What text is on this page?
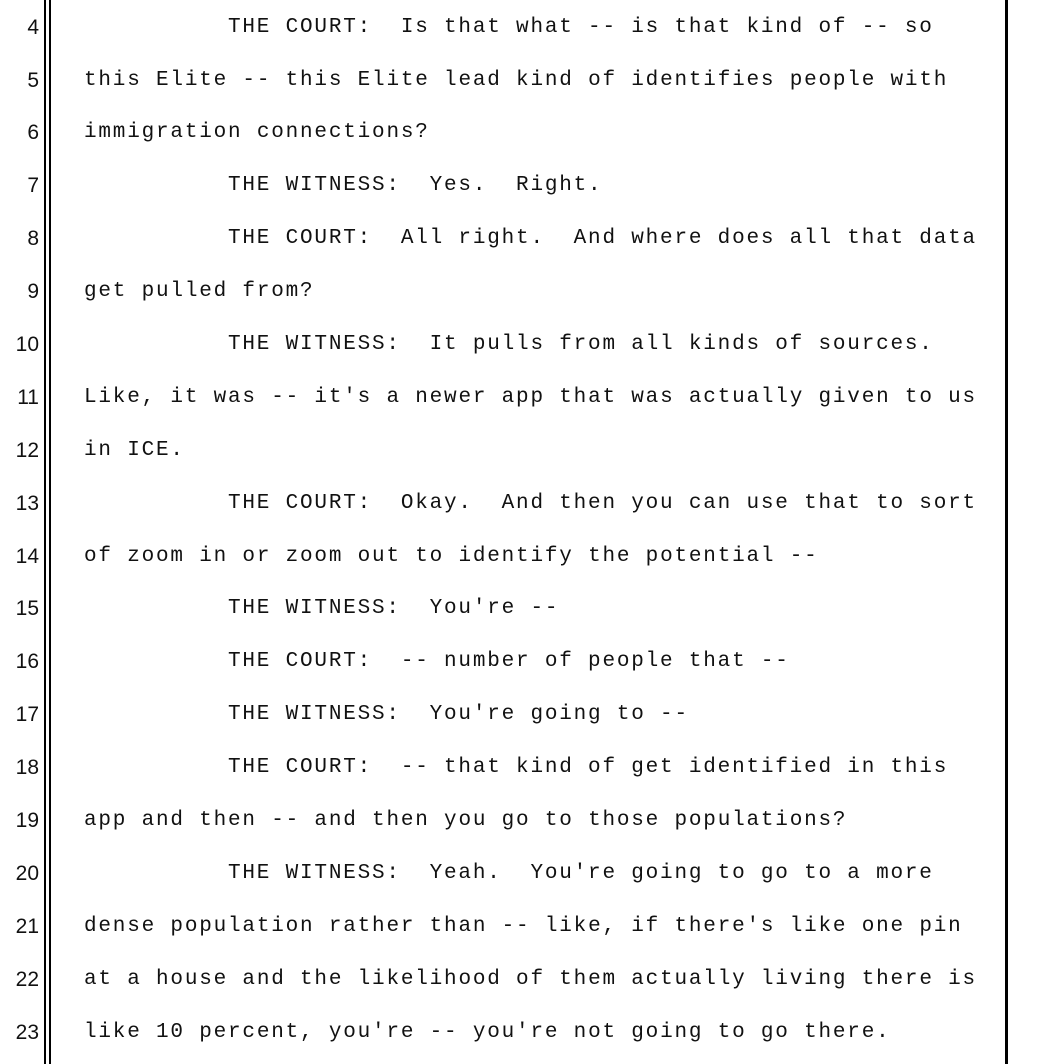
4	THE COURT:  Is that what -- is that kind of -- so
5 this Elite -- this Elite lead kind of identifies people with
6 immigration connections?
7	THE WITNESS:  Yes.  Right.
8	THE COURT:  All right.  And where does all that data
9 get pulled from?
10	THE WITNESS:  It pulls from all kinds of sources.
11 Like, it was -- it's a newer app that was actually given to us
12 in ICE.
13	THE COURT:  Okay.  And then you can use that to sort
14 of zoom in or zoom out to identify the potential --
15	THE WITNESS:  You're --
16	THE COURT:  -- number of people that --
17	THE WITNESS:  You're going to --
18	THE COURT:  -- that kind of get identified in this
19 app and then -- and then you go to those populations?
20	THE WITNESS:  Yeah.  You're going to go to a more
21 dense population rather than -- like, if there's like one pin
22 at a house and the likelihood of them actually living there is
23 like 10 percent, you're -- you're not going to go there.
